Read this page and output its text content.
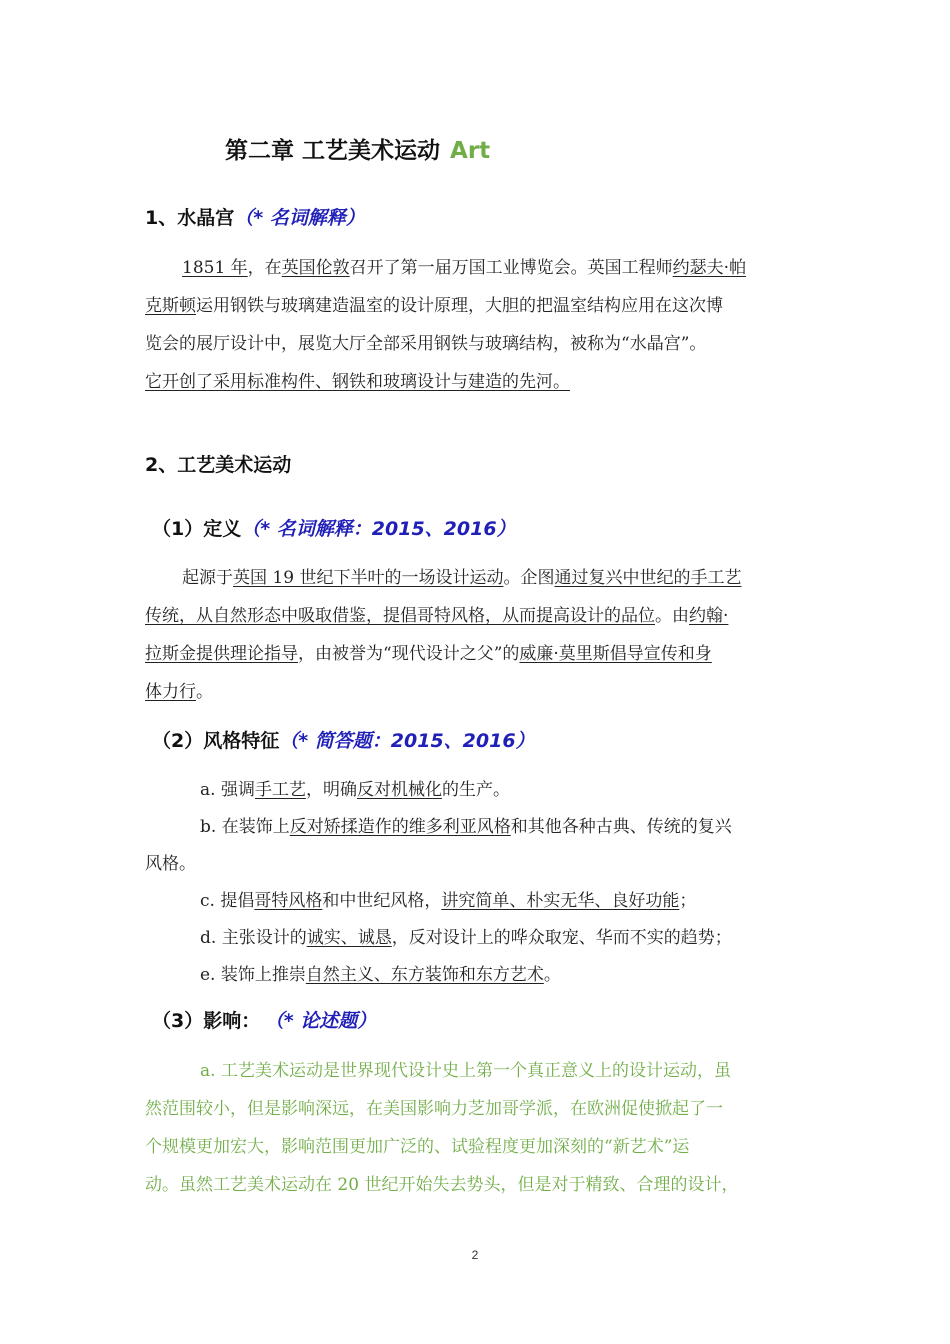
第二章 工艺美术运动 Art
1、水晶宫（* 名词解释）
1851 年，在英国伦敦召开了第一届万国工业博览会。英国工程师约瑟夫·帕
克斯顿运用钢铁与玻璃建造温室的设计原理，大胆的把温室结构应用在这次博
览会的展厅设计中，展览大厅全部采用钢铁与玻璃结构，被称为“水晶宫”。
它开创了采用标准构件、钢铁和玻璃设计与建造的先河。
2、工艺美术运动
（1）定义（* 名词解释：2015、2016）
起源于英国 19 世纪下半叶的一场设计运动。企图通过复兴中世纪的手工艺
传统，从自然形态中吸取借鉴，提倡哥特风格，从而提高设计的品位。由约翰·
拉斯金提供理论指导，由被誉为“现代设计之父”的威廉·莫里斯倡导宣传和身
体力行。
（2）风格特征（* 简答题：2015、2016）
a. 强调手工艺，明确反对机械化的生产。
b. 在装饰上反对矫揉造作的维多利亚风格和其他各种古典、传统的复兴
风格。
c. 提倡哥特风格和中世纪风格，讲究简单、朴实无华、良好功能；
d. 主张设计的诚实、诚恳，反对设计上的哗众取宠、华而不实的趋势；
e. 装饰上推崇自然主义、东方装饰和东方艺术。
（3）影响： （* 论述题）
a. 工艺美术运动是世界现代设计史上第一个真正意义上的设计运动，虽
然范围较小，但是影响深远，在美国影响力芝加哥学派，在欧洲促使掀起了一
个规模更加宏大，影响范围更加广泛的、试验程度更加深刻的“新艺术”运
动。虽然工艺美术运动在 20 世纪开始失去势头，但是对于精致、合理的设计，
2
